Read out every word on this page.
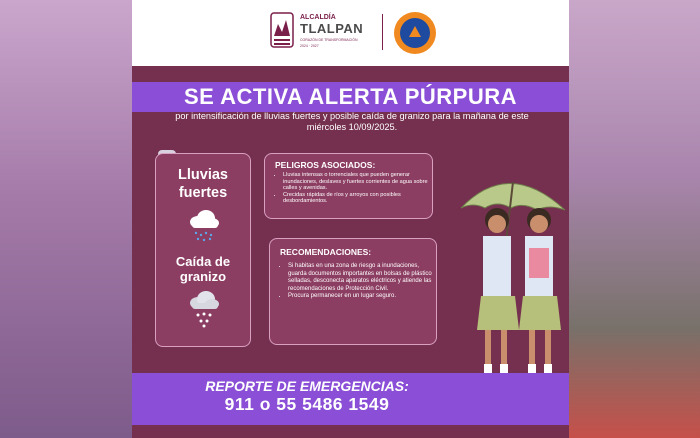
ALCALDÍA
TLALPAN
CORAZÓN DE TRANSFORMACIÓN
2024 · 2027
SE ACTIVA ALERTA PÚRPURA
por intensificación de lluvias fuertes y posible caída de granizo para la mañana de este miércoles 10/09/2025.
Lluvias fuertes
Caída de granizo
PELIGROS ASOCIADOS:
• Lluvias intensas o torrenciales que pueden generar inundaciones, deslaves y fuertes corrientes de agua sobre calles y avenidas.
• Crecidas rápidas de ríos y arroyos con posibles desbordamientos.
RECOMENDACIONES:
• Si habitas en una zona de riesgo a inundaciones, guarda documentos importantes en bolsas de plástico selladas, desconecta aparatos eléctricos y atiende las recomendaciones de Protección Civil.
• Procura permanecer en un lugar seguro.
REPORTE DE EMERGENCIAS:
911 o 55 5486 1549
